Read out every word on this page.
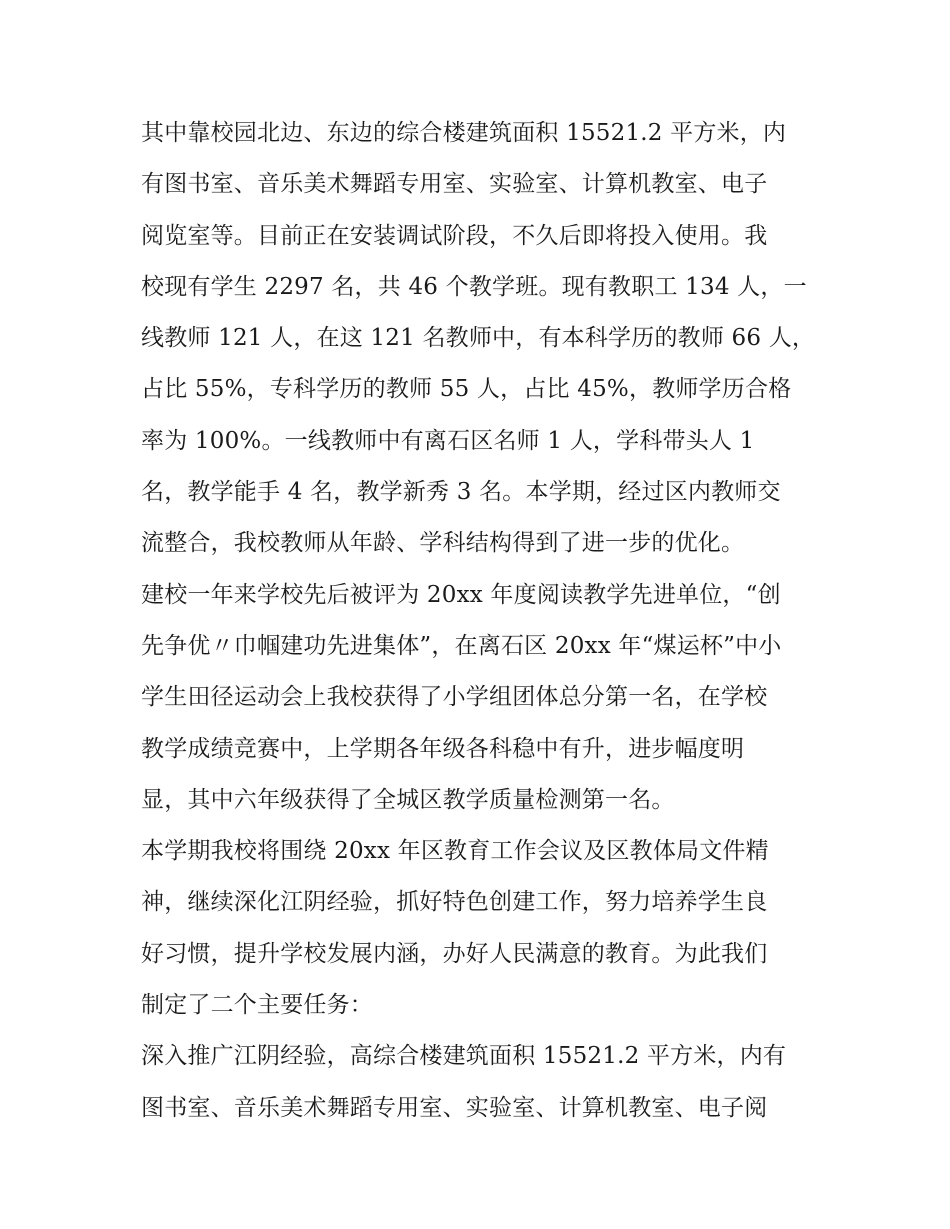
其中靠校园北边、东边的综合楼建筑面积 15521.2 平方米，内
有图书室、音乐美术舞蹈专用室、实验室、计算机教室、电子
阅览室等。目前正在安装调试阶段，不久后即将投入使用。我
校现有学生 2297 名，共 46 个教学班。现有教职工 134 人，一
线教师 121 人，在这 121 名教师中，有本科学历的教师 66 人，
占比 55%，专科学历的教师 55 人，占比 45%，教师学历合格
率为 100%。一线教师中有离石区名师 1 人，学科带头人 1
名，教学能手 4 名，教学新秀 3 名。本学期，经过区内教师交
流整合，我校教师从年龄、学科结构得到了进一步的优化。
建校一年来学校先后被评为 20xx 年度阅读教学先进单位，“创
先争优〃巾帼建功先进集体”，在离石区 20xx 年“煤运杯”中小
学生田径运动会上我校获得了小学组团体总分第一名，在学校
教学成绩竞赛中，上学期各年级各科稳中有升，进步幅度明
显，其中六年级获得了全城区教学质量检测第一名。
本学期我校将围绕 20xx 年区教育工作会议及区教体局文件精
神，继续深化江阴经验，抓好特色创建工作，努力培养学生良
好习惯，提升学校发展内涵，办好人民满意的教育。为此我们
制定了二个主要任务：
深入推广江阴经验，高综合楼建筑面积 15521.2 平方米，内有
图书室、音乐美术舞蹈专用室、实验室、计算机教室、电子阅
